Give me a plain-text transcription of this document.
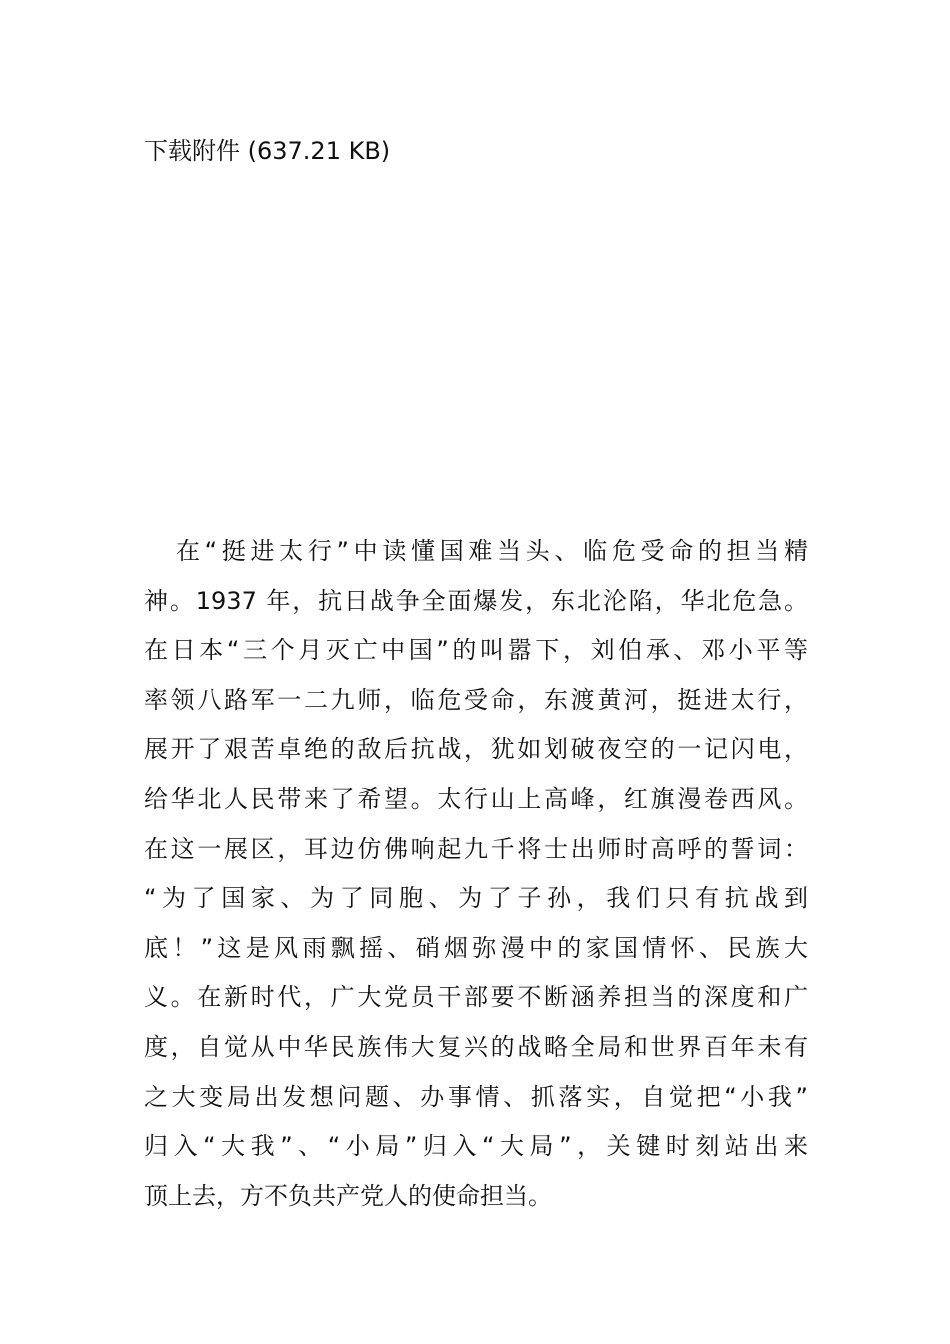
下载附件 (637.21 KB)
在“挺进太行”中读懂国难当头、临危受命的担当精
神。1937 年，抗日战争全面爆发，东北沦陷，华北危急。
在日本“三个月灭亡中国”的叫嚣下，刘伯承、邓小平等
率领八路军一二九师，临危受命，东渡黄河，挺进太行，
展开了艰苦卓绝的敌后抗战，犹如划破夜空的一记闪电，
给华北人民带来了希望。太行山上高峰，红旗漫卷西风。
在这一展区，耳边仿佛响起九千将士出师时高呼的誓词：
“为了国家、为了同胞、为了子孙，我们只有抗战到
底！”这是风雨飘摇、硝烟弥漫中的家国情怀、民族大
义。在新时代，广大党员干部要不断涵养担当的深度和广
度，自觉从中华民族伟大复兴的战略全局和世界百年未有
之大变局出发想问题、办事情、抓落实，自觉把“小我”
归入“大我”、“小局”归入“大局”，关键时刻站出来
顶上去，方不负共产党人的使命担当。
